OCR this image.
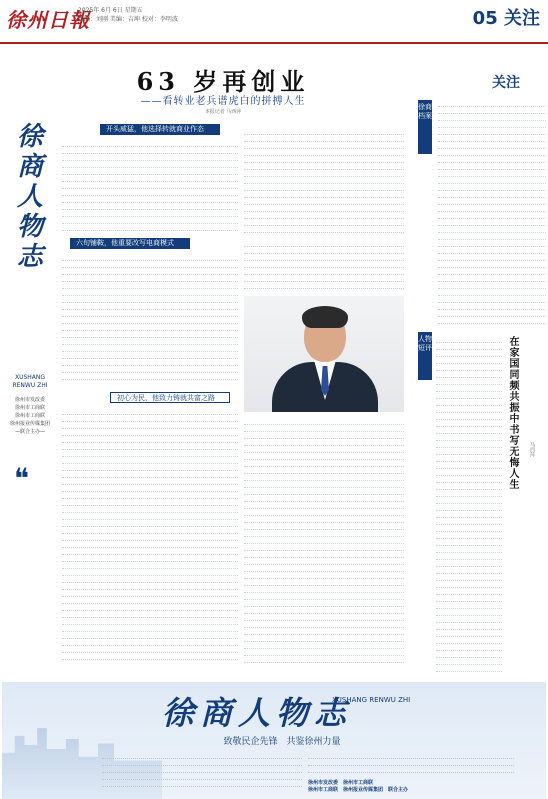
徐州日報
2025年 6月 6日 星期五
责编：刘刚 美编：吉坤 校对：李明波	05 关注
徐商人物志
XUSHANG RENWU ZHI
徐州市发改委
徐州市工商联
徐州市工商联
徐州报业传媒集团
—联合主办—
❝
63 岁再创业
——看转业老兵谱虎白的拼搏人生
本报记者 马西萍
开头威猛，他选择转就商业作态
六旬铺鞍，他重要改写电商模式
初心为民，他致力铸就共富之路
关注
徐商档案
人物短评	在家国同频共振中书写无悔人生	马西萍
徐商人物志
XUSHANG RENWU ZHI
致敬民企先锋　共鉴徐州力量
徐州市发改委　徐州市工商联
徐州市工商联　徐州报业传媒集团　联合主办
